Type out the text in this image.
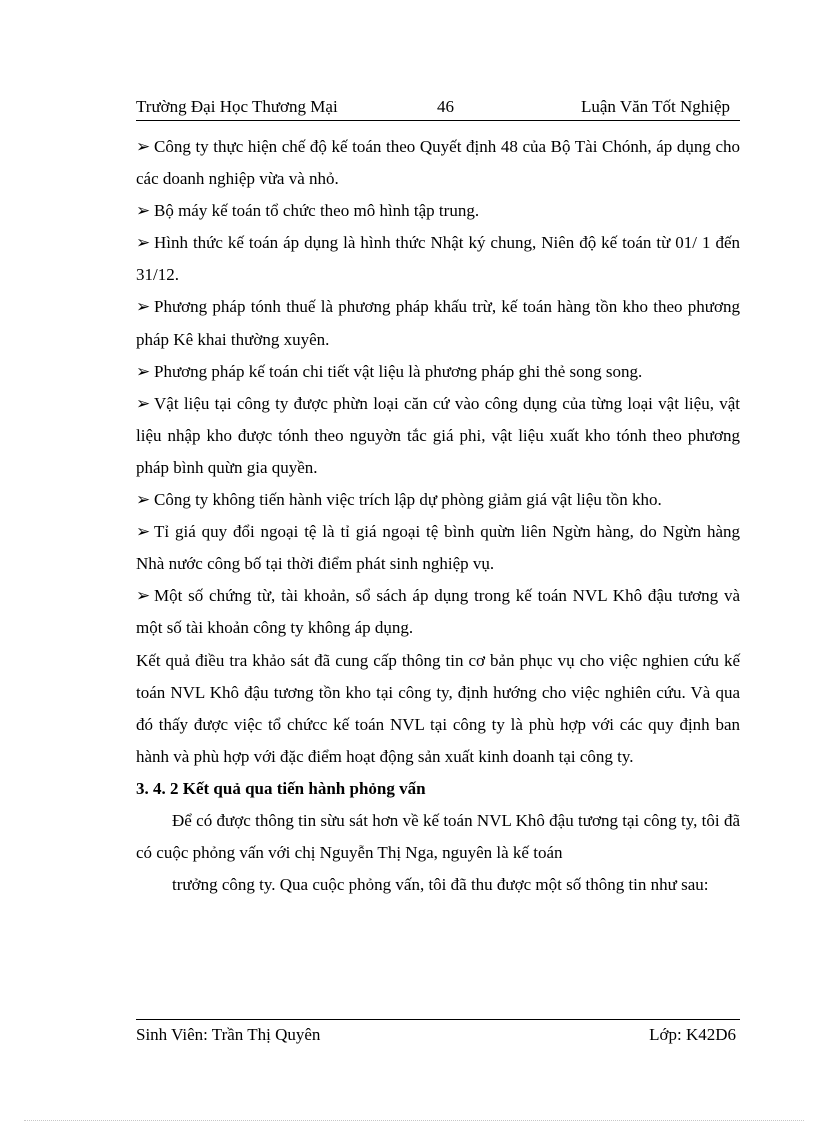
Trường Đại Học Thương Mại	46	Luận Văn Tốt Nghiệp

➢ Công ty thực hiện chế độ kế toán theo Quyết định 48 của Bộ Tài Chónh, áp dụng cho các doanh nghiệp vừa và nhỏ.

➢ Bộ máy kế toán tổ chức theo mô hình tập trung.

➢ Hình thức kế toán áp dụng là hình thức Nhật ký chung, Niên độ kế toán từ 01/ 1 đến 31/12.

➢ Phương pháp tónh thuế là phương pháp khấu trừ, kế toán hàng tồn kho theo phương pháp Kê khai thường xuyên.

➢ Phương pháp kế toán chi tiết vật liệu là phương pháp ghi thẻ song song.

➢ Vật liệu tại công ty được phừn loại căn cứ vào công dụng của từng loại vật liệu, vật liệu nhập kho được tónh theo nguyờn tắc giá phi, vật liệu xuất kho tónh theo phương pháp bình quừn gia quyền.

➢ Công ty không tiến hành việc trích lập dự phòng giảm giá vật liệu tồn kho.

➢ Tỉ giá quy đổi ngoại tệ là tỉ giá ngoại tệ bình quừn liên Ngừn hàng, do Ngừn hàng Nhà nước công bố tại thời điểm phát sinh nghiệp vụ.

➢ Một số chứng từ, tài khoản, sổ sách áp dụng trong kế toán NVL Khô đậu tương và một số tài khoản công ty không áp dụng.

Kết quả điều tra khảo sát đã cung cấp thông tin cơ bản phục vụ cho việc nghien cứu kế toán NVL Khô đậu tương tồn kho tại công ty, định hướng cho việc nghiên cứu. Và qua đó thấy được việc tổ chứcc kế toán NVL tại công ty là phù hợp với các quy định ban hành và phù hợp với đặc điểm hoạt động sản xuất kinh doanh tại công ty.

3. 4. 2 Kết quả qua tiến hành phỏng vấn

Để có được thông tin sừu sát hơn về kế toán NVL Khô đậu tương tại công ty, tôi đã có cuộc phỏng vấn với chị Nguyễn Thị Nga, nguyên là kế toán

trưởng công ty. Qua cuộc phỏng vấn, tôi đã thu được một số thông tin như sau:

Sinh Viên: Trần Thị Quyên	Lớp: K42D6
